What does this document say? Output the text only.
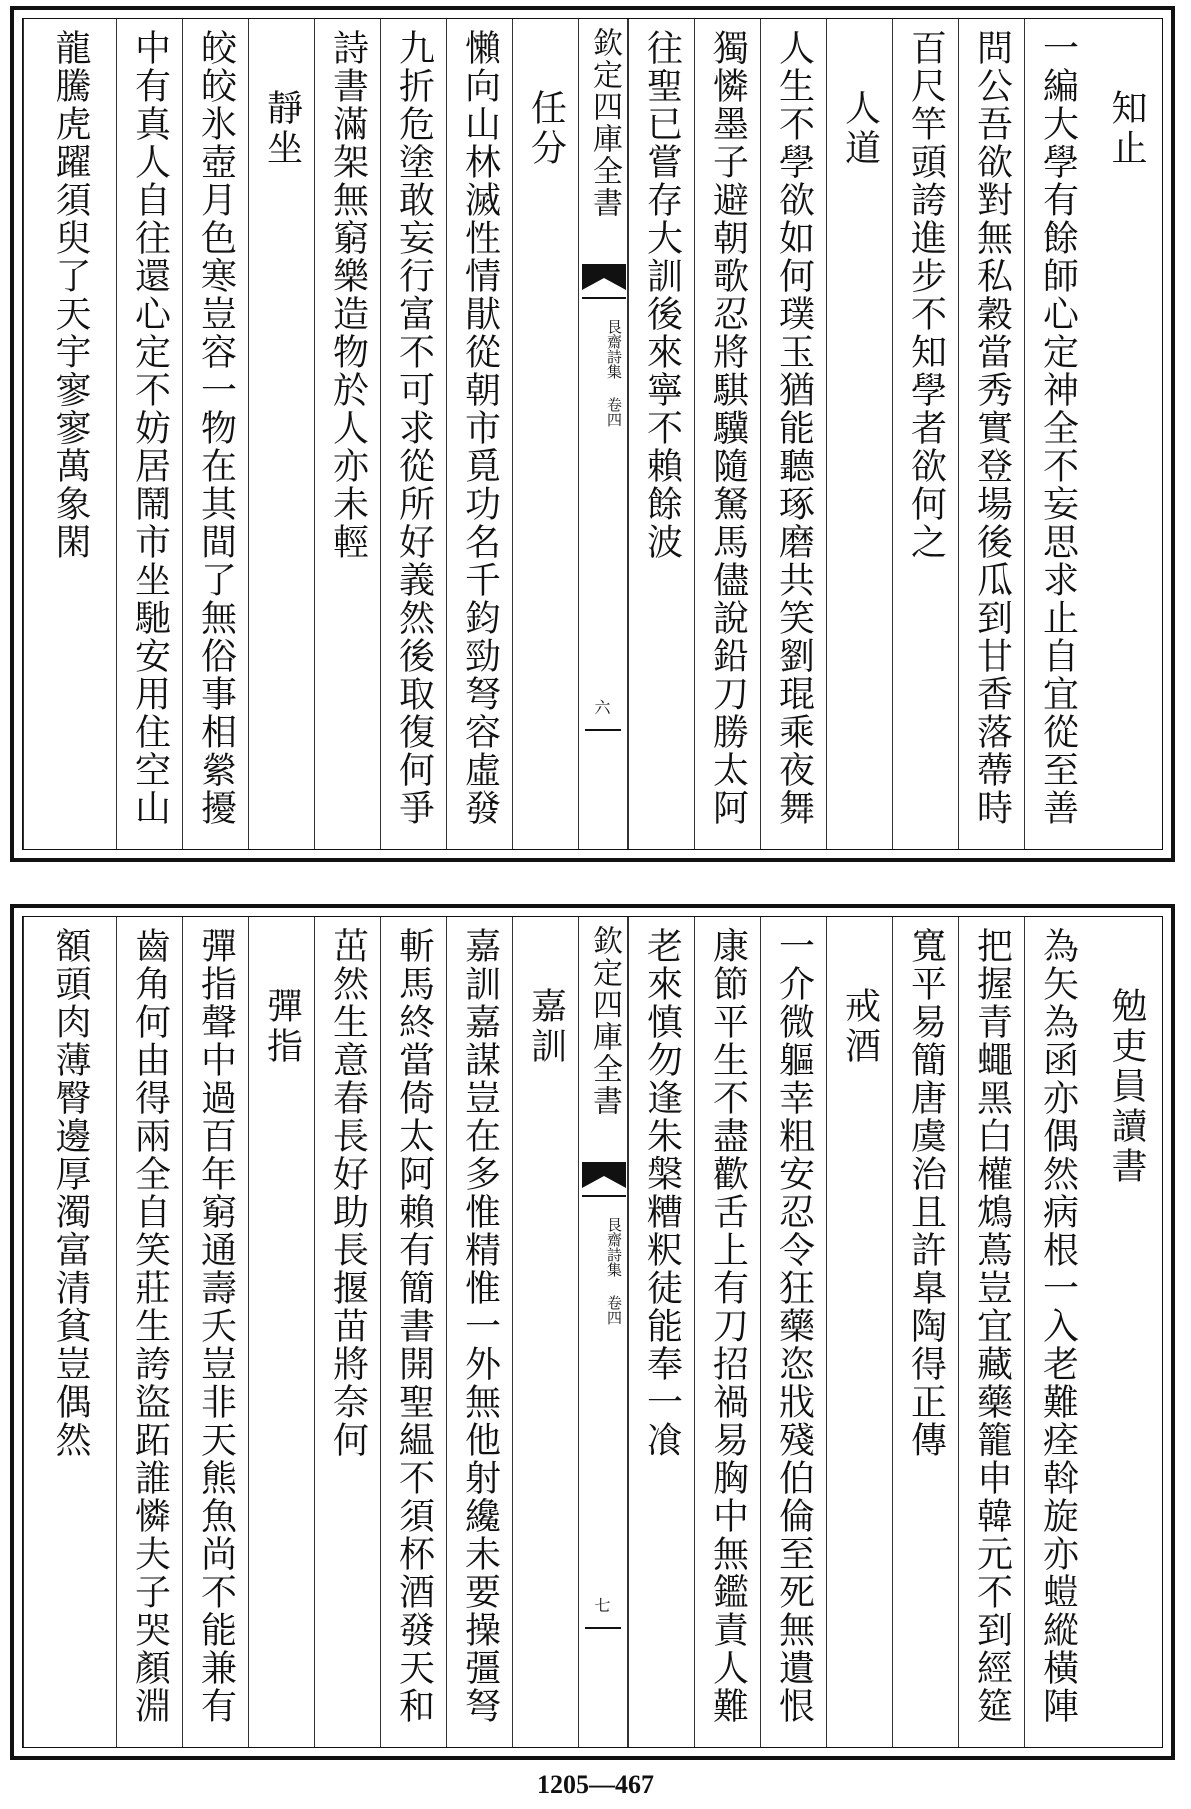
知止
一編大學有餘師心定神全不妄思求止自宜從至善
問公吾欲對無私穀當秀實登場後瓜到甘香落蔕時
百尺竿頭誇進步不知學者欲何之
人道
人生不學欲如何璞玉猶能聽琢磨共笑劉琨乘夜舞
獨憐墨子避朝歌忍將騏驥隨駑馬儘說鉛刀勝太阿
往聖已嘗存大訓後來寧不賴餘波
欽定四庫全書
艮齋詩集 卷四
六
任分
懶向山林滅性情猒從朝市覓功名千鈞勁弩容虛發
九折危塗敢妄行富不可求從所好義然後取復何爭
詩書滿架無窮樂造物於人亦未輕
靜坐
皎皎氷壺月色寒豈容一物在其間了無俗事相縈擾
中有真人自往還心定不妨居鬧市坐馳安用住空山
龍騰虎躍須臾了天宇寥寥萬象閑
勉吏員讀書
為矢為函亦偶然病根一入老難痊斡旋亦螘縱橫陣
把握青蠅黑白權鴆蔦豈宜藏藥籠申韓元不到經筵
寬平易簡唐虞治且許臯陶得正傳
戒酒
一介微軀幸粗安忍令狂藥恣戕殘伯倫至死無遺恨
康節平生不盡歡舌上有刀招禍易胸中無鑑責人難
老來慎勿逢朱槃糟粎徒能奉一飡
欽定四庫全書
艮齋詩集 卷四
七
嘉訓
嘉訓嘉謀豈在多惟精惟一外無他射纔未要操彊弩
斬馬終當倚太阿賴有簡書開聖緼不須杯酒發天和
茁然生意春長好助長揠苗將奈何
彈指
彈指聲中過百年窮通壽夭豈非天熊魚尚不能兼有
齒角何由得兩全自笑莊生誇盜跖誰憐夫子哭顏淵
額頭肉薄臀邊厚濁富清貧豈偶然
1205—467
